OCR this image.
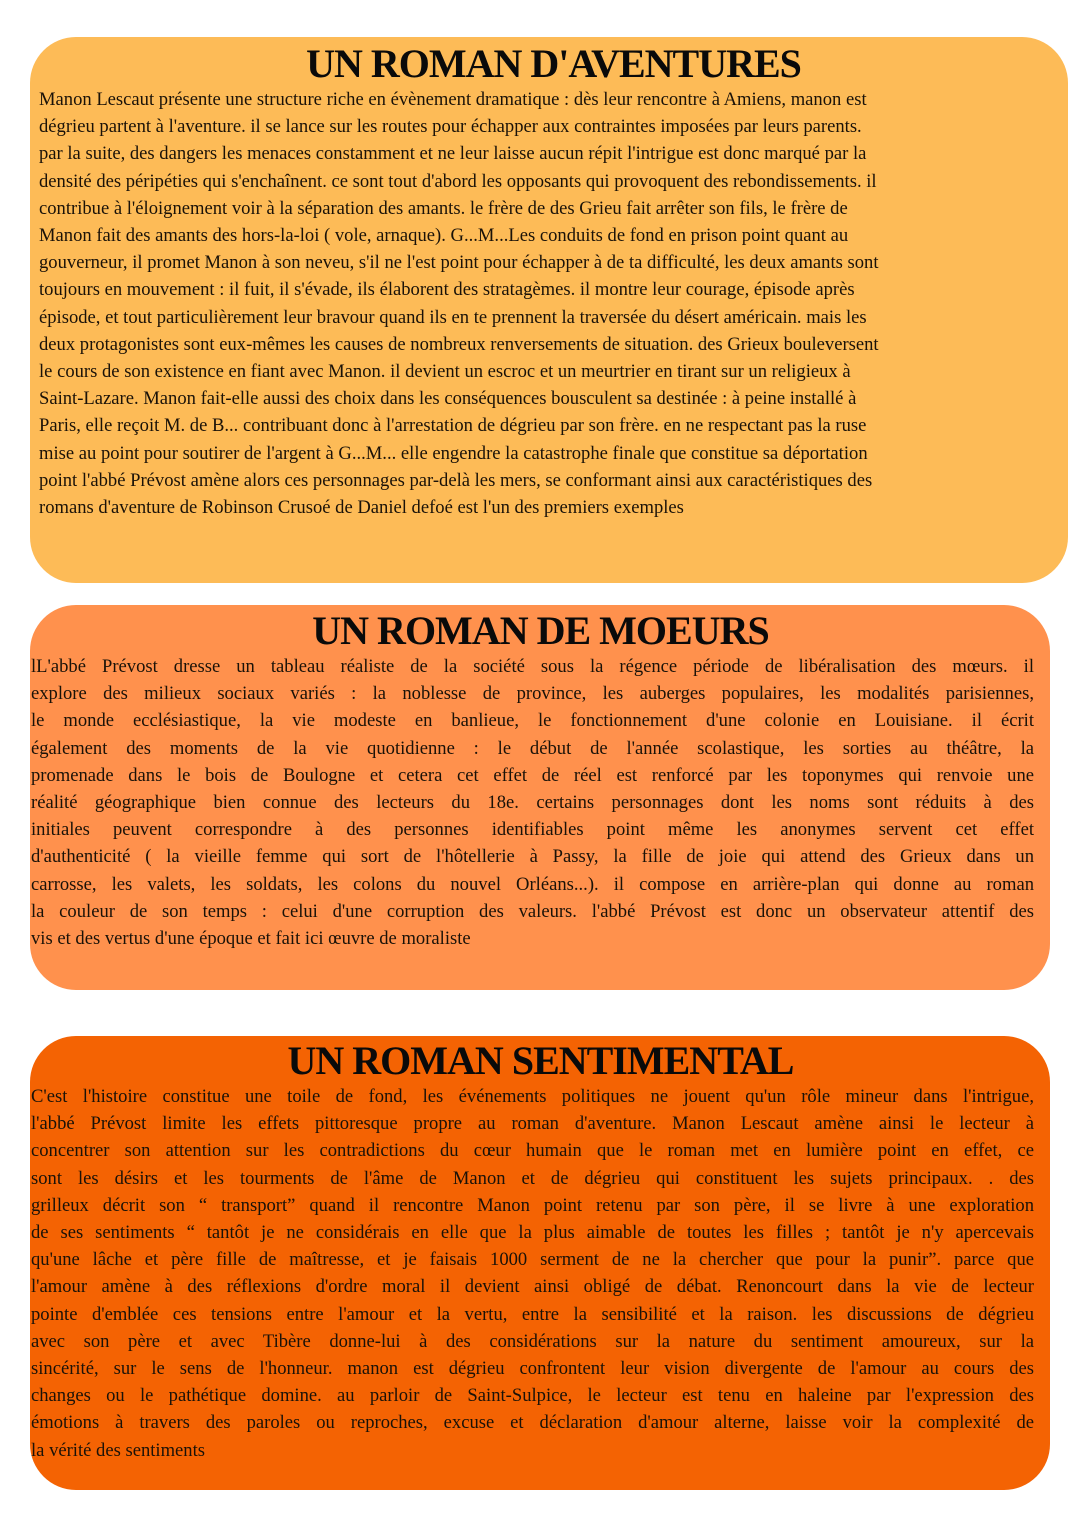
UN ROMAN D'AVENTURES
Manon Lescaut présente une structure riche en évènement dramatique : dès leur rencontre à Amiens, manon est
dégrieu partent à l'aventure. il se lance sur les routes pour échapper aux contraintes imposées par leurs parents.
par la suite, des dangers les menaces constamment et ne leur laisse aucun répit l'intrigue est donc marqué par la
densité des péripéties qui s'enchaînent. ce sont tout d'abord les opposants qui provoquent des rebondissements. il
contribue à l'éloignement voir à la séparation des amants. le frère de des Grieu fait arrêter son fils, le frère de
Manon fait des amants des hors-la-loi ( vole, arnaque). G...M...Les conduits de fond en prison point quant au
gouverneur, il promet Manon à son neveu, s'il ne l'est point pour échapper à de ta difficulté, les deux amants sont
toujours en mouvement : il fuit, il s'évade, ils élaborent des stratagèmes. il montre leur courage, épisode après
épisode, et tout particulièrement leur bravour quand ils en te prennent la traversée du désert américain. mais les
deux protagonistes sont eux-mêmes les causes de nombreux renversements de situation. des Grieux bouleversent
le cours de son existence en fiant avec Manon. il devient un escroc et un meurtrier en tirant sur un religieux à
Saint-Lazare. Manon fait-elle aussi des choix dans les conséquences bousculent sa destinée : à peine installé à
Paris, elle reçoit M. de B... contribuant donc à l'arrestation de dégrieu par son frère. en ne respectant pas la ruse
mise au point pour soutirer de l'argent à G...M... elle engendre la catastrophe finale que constitue sa déportation
point l'abbé Prévost amène alors ces personnages par-delà les mers, se conformant ainsi aux caractéristiques des
romans d'aventure de Robinson Crusoé de Daniel defoé est l'un des premiers exemples
UN ROMAN DE MOEURS
lL'abbé Prévost dresse un tableau réaliste de la société sous la régence période de libéralisation des mœurs. il
explore des milieux sociaux variés : la noblesse de province, les auberges populaires, les modalités parisiennes,
le monde ecclésiastique, la vie modeste en banlieue, le fonctionnement d'une colonie en Louisiane. il écrit
également des moments de la vie quotidienne : le début de l'année scolastique, les sorties au théâtre, la
promenade dans le bois de Boulogne et cetera cet effet de réel est renforcé par les toponymes qui renvoie une
réalité géographique bien connue des lecteurs du 18e. certains personnages dont les noms sont réduits à des
initiales peuvent correspondre à des personnes identifiables point même les anonymes servent cet effet
d'authenticité ( la vieille femme qui sort de l'hôtellerie à Passy, la fille de joie qui attend des Grieux dans un
carrosse, les valets, les soldats, les colons du nouvel Orléans...). il compose en arrière-plan qui donne au roman
la couleur de son temps : celui d'une corruption des valeurs. l'abbé Prévost est donc un observateur attentif des
vis et des vertus d'une époque et fait ici œuvre de moraliste
UN ROMAN SENTIMENTAL
C'est l'histoire constitue une toile de fond, les événements politiques ne jouent qu'un rôle mineur dans l'intrigue,
l'abbé Prévost limite les effets pittoresque propre au roman d'aventure. Manon Lescaut amène ainsi le lecteur à
concentrer son attention sur les contradictions du cœur humain que le roman met en lumière point en effet, ce
sont les désirs et les tourments de l'âme de Manon et de dégrieu qui constituent les sujets principaux. . des
grilleux décrit son “ transport” quand il rencontre Manon point retenu par son père, il se livre à une exploration
de ses sentiments “ tantôt je ne considérais en elle que la plus aimable de toutes les filles ; tantôt je n'y apercevais
qu'une lâche et père fille de maîtresse, et je faisais 1000 serment de ne la chercher que pour la punir”. parce que
l'amour amène à des réflexions d'ordre moral il devient ainsi obligé de débat. Renoncourt dans la vie de lecteur
pointe d'emblée ces tensions entre l'amour et la vertu, entre la sensibilité et la raison. les discussions de dégrieu
avec son père et avec Tibère donne-lui à des considérations sur la nature du sentiment amoureux, sur la
sincérité, sur le sens de l'honneur. manon est dégrieu confrontent leur vision divergente de l'amour au cours des
changes ou le pathétique domine. au parloir de Saint-Sulpice, le lecteur est tenu en haleine par l'expression des
émotions à travers des paroles ou reproches, excuse et déclaration d'amour alterne, laisse voir la complexité de
la vérité des sentiments
